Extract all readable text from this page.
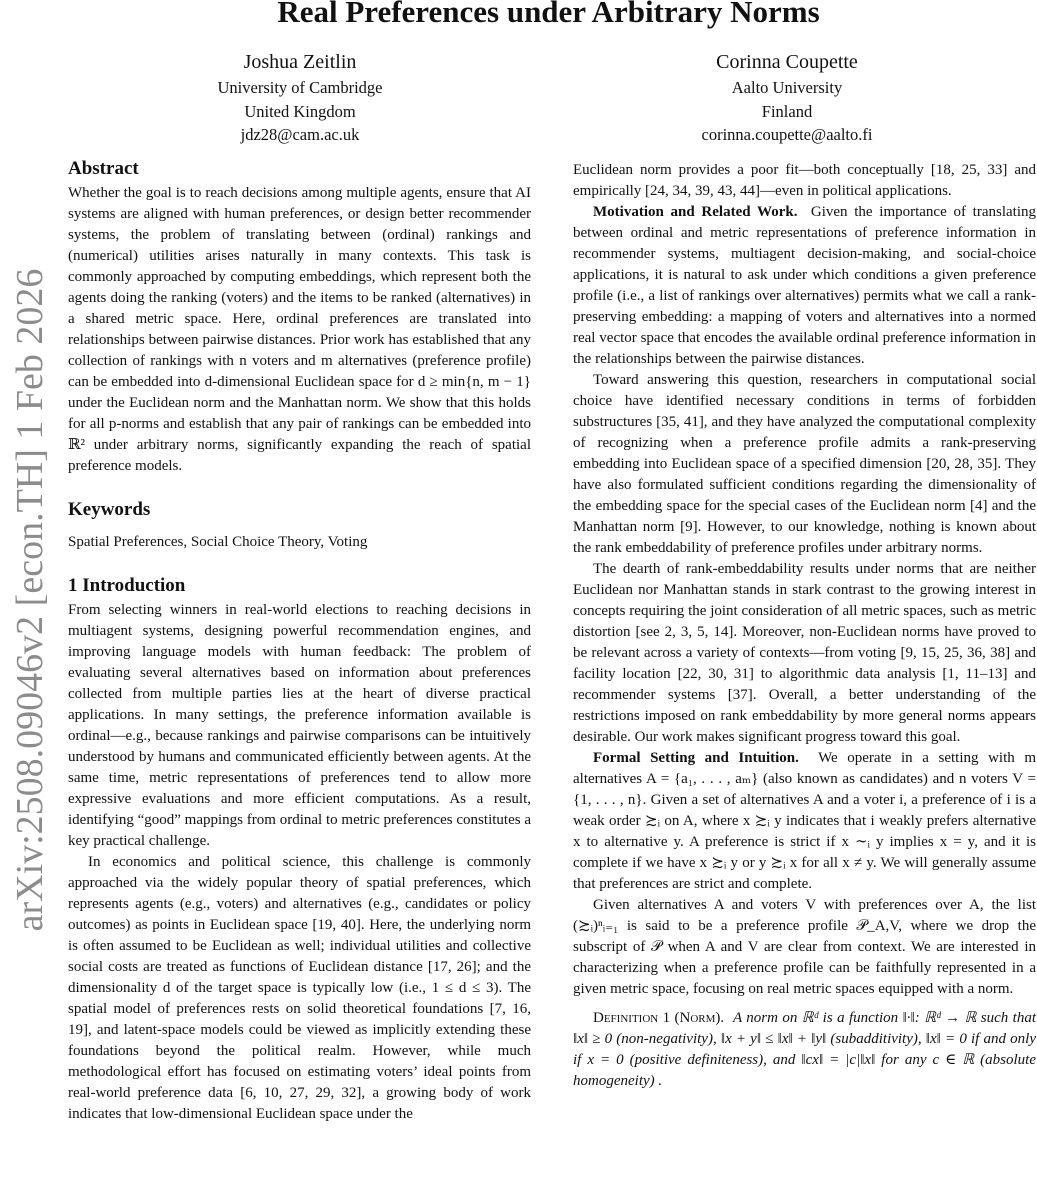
arXiv:2508.09046v2 [econ.TH] 1 Feb 2026
Real Preferences under Arbitrary Norms
Joshua Zeitlin
University of Cambridge
United Kingdom
jdz28@cam.ac.uk
Corinna Coupette
Aalto University
Finland
corinna.coupette@aalto.fi
Abstract

Whether the goal is to reach decisions among multiple agents, ensure that AI systems are aligned with human preferences, or design better recommender systems, the problem of translating between (ordinal) rankings and (numerical) utilities arises naturally in many contexts. This task is commonly approached by computing embeddings, which represent both the agents doing the ranking (voters) and the items to be ranked (alternatives) in a shared metric space. Here, ordinal preferences are translated into relationships between pairwise distances. Prior work has established that any collection of rankings with n voters and m alternatives (preference profile) can be embedded into d-dimensional Euclidean space for d ≥ min{n, m − 1} under the Euclidean norm and the Manhattan norm. We show that this holds for all p-norms and establish that any pair of rankings can be embedded into ℝ² under arbitrary norms, significantly expanding the reach of spatial preference models.

Keywords

Spatial Preferences, Social Choice Theory, Voting

1 Introduction

From selecting winners in real-world elections to reaching decisions in multiagent systems, designing powerful recommendation engines, and improving language models with human feedback: The problem of evaluating several alternatives based on information about preferences collected from multiple parties lies at the heart of diverse practical applications. In many settings, the preference information available is ordinal—e.g., because rankings and pairwise comparisons can be intuitively understood by humans and communicated efficiently between agents. At the same time, metric representations of preferences tend to allow more expressive evaluations and more efficient computations. As a result, identifying “good” mappings from ordinal to metric preferences constitutes a key practical challenge.

In economics and political science, this challenge is commonly approached via the widely popular theory of spatial preferences, which represents agents (e.g., voters) and alternatives (e.g., candidates or policy outcomes) as points in Euclidean space [19, 40]. Here, the underlying norm is often assumed to be Euclidean as well; individual utilities and collective social costs are treated as functions of Euclidean distance [17, 26]; and the dimensionality d of the target space is typically low (i.e., 1 ≤ d ≤ 3). The spatial model of preferences rests on solid theoretical foundations [7, 16, 19], and latent-space models could be viewed as implicitly extending these foundations beyond the political realm. However, while much methodological effort has focused on estimating voters’ ideal points from real-world preference data [6, 10, 27, 29, 32], a growing body of work indicates that low-dimensional Euclidean space under the

Euclidean norm provides a poor fit—both conceptually [18, 25, 33] and empirically [24, 34, 39, 43, 44]—even in political applications.

Motivation and Related Work. Given the importance of translating between ordinal and metric representations of preference information in recommender systems, multiagent decision-making, and social-choice applications, it is natural to ask under which conditions a given preference profile (i.e., a list of rankings over alternatives) permits what we call a rank-preserving embedding: a mapping of voters and alternatives into a normed real vector space that encodes the available ordinal preference information in the relationships between the pairwise distances.

Toward answering this question, researchers in computational social choice have identified necessary conditions in terms of forbidden substructures [35, 41], and they have analyzed the computational complexity of recognizing when a preference profile admits a rank-preserving embedding into Euclidean space of a specified dimension [20, 28, 35]. They have also formulated sufficient conditions regarding the dimensionality of the embedding space for the special cases of the Euclidean norm [4] and the Manhattan norm [9]. However, to our knowledge, nothing is known about the rank embeddability of preference profiles under arbitrary norms.

The dearth of rank-embeddability results under norms that are neither Euclidean nor Manhattan stands in stark contrast to the growing interest in concepts requiring the joint consideration of all metric spaces, such as metric distortion [see 2, 3, 5, 14]. Moreover, non-Euclidean norms have proved to be relevant across a variety of contexts—from voting [9, 15, 25, 36, 38] and facility location [22, 30, 31] to algorithmic data analysis [1, 11–13] and recommender systems [37]. Overall, a better understanding of the restrictions imposed on rank embeddability by more general norms appears desirable. Our work makes significant progress toward this goal.

Formal Setting and Intuition. We operate in a setting with m alternatives A = {a₁, . . . , aₘ} (also known as candidates) and n voters V = {1, . . . , n}. Given a set of alternatives A and a voter i, a preference of i is a weak order ≿ᵢ on A, where x ≿ᵢ y indicates that i weakly prefers alternative x to alternative y. A preference is strict if x ∼ᵢ y implies x = y, and it is complete if we have x ≿ᵢ y or y ≿ᵢ x for all x ≠ y. We will generally assume that preferences are strict and complete.

Given alternatives A and voters V with preferences over A, the list (≿ᵢ)ⁿᵢ₌₁ is said to be a preference profile 𝒫_A,V, where we drop the subscript of 𝒫 when A and V are clear from context. We are interested in characterizing when a preference profile can be faithfully represented in a given metric space, focusing on real metric spaces equipped with a norm.

Definition 1 (Norm). A norm on ℝᵈ is a function ‖·‖: ℝᵈ → ℝ such that ‖x‖ ≥ 0 (non-negativity), ‖x + y‖ ≤ ‖x‖ + ‖y‖ (subadditivity), ‖x‖ = 0 if and only if x = 0 (positive definiteness), and ‖cx‖ = |c|‖x‖ for any c ∈ ℝ (absolute homogeneity) .
